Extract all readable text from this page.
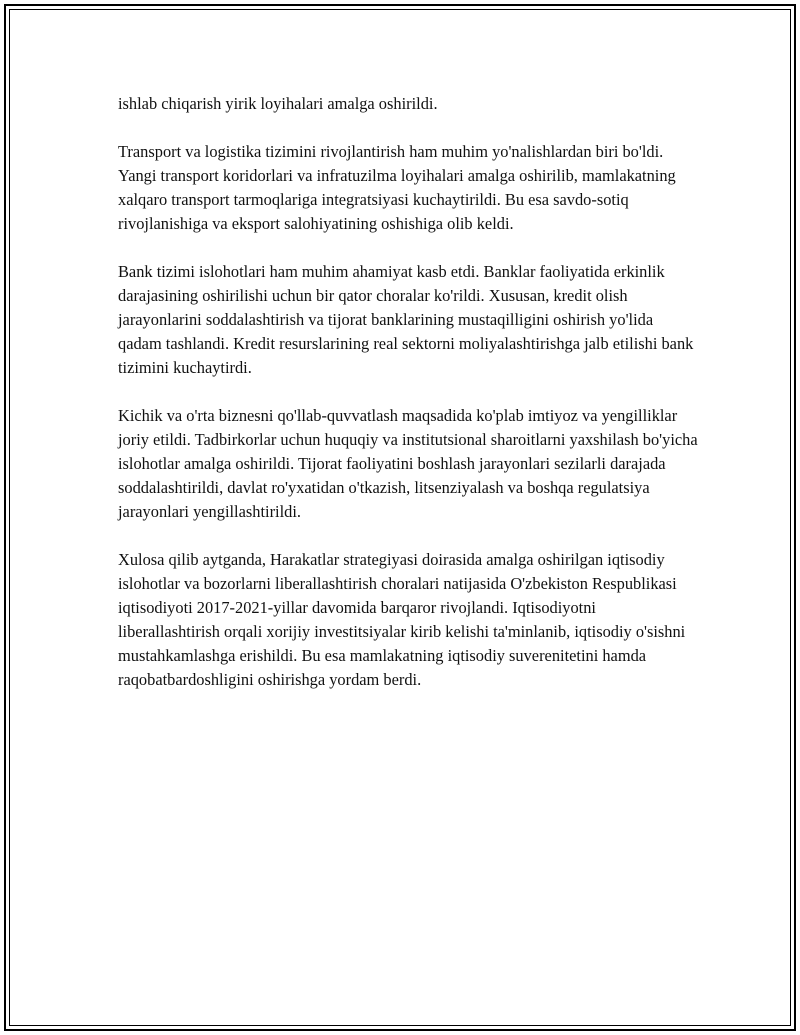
ishlab chiqarish yirik loyihalari amalga oshirildi.

Transport va logistika tizimini rivojlantirish ham muhim yo'nalishlardan biri bo'ldi. Yangi transport koridorlari va infratuzilma loyihalari amalga oshirilib, mamlakatning xalqaro transport tarmoqlariga integratsiyasi kuchaytirildi. Bu esa savdo-sotiq rivojlanishiga va eksport salohiyatining oshishiga olib keldi.

Bank tizimi islohotlari ham muhim ahamiyat kasb etdi. Banklar faoliyatida erkinlik darajasining oshirilishi uchun bir qator choralar ko'rildi. Xususan, kredit olish jarayonlarini soddalashtirish va tijorat banklarining mustaqilligini oshirish yo'lida qadam tashlandi. Kredit resurslarining real sektorni moliyalashtirishga jalb etilishi bank tizimini kuchaytirdi.

Kichik va o'rta biznesni qo'llab-quvvatlash maqsadida ko'plab imtiyoz va yengilliklar joriy etildi. Tadbirkorlar uchun huquqiy va institutsional sharoitlarni yaxshilash bo'yicha islohotlar amalga oshirildi. Tijorat faoliyatini boshlash jarayonlari sezilarli darajada soddalashtirildi, davlat ro'yxatidan o'tkazish, litsenziyalash va boshqa regulatsiya jarayonlari yengillashtirildi.

Xulosa qilib aytganda, Harakatlar strategiyasi doirasida amalga oshirilgan iqtisodiy islohotlar va bozorlarni liberallashtirish choralari natijasida O'zbekiston Respublikasi iqtisodiyoti 2017-2021-yillar davomida barqaror rivojlandi. Iqtisodiyotni liberallashtirish orqali xorijiy investitsiyalar kirib kelishi ta'minlanib, iqtisodiy o'sishni mustahkamlashga erishildi. Bu esa mamlakatning iqtisodiy suverenitetini hamda raqobatbardoshligini oshirishga yordam berdi.
